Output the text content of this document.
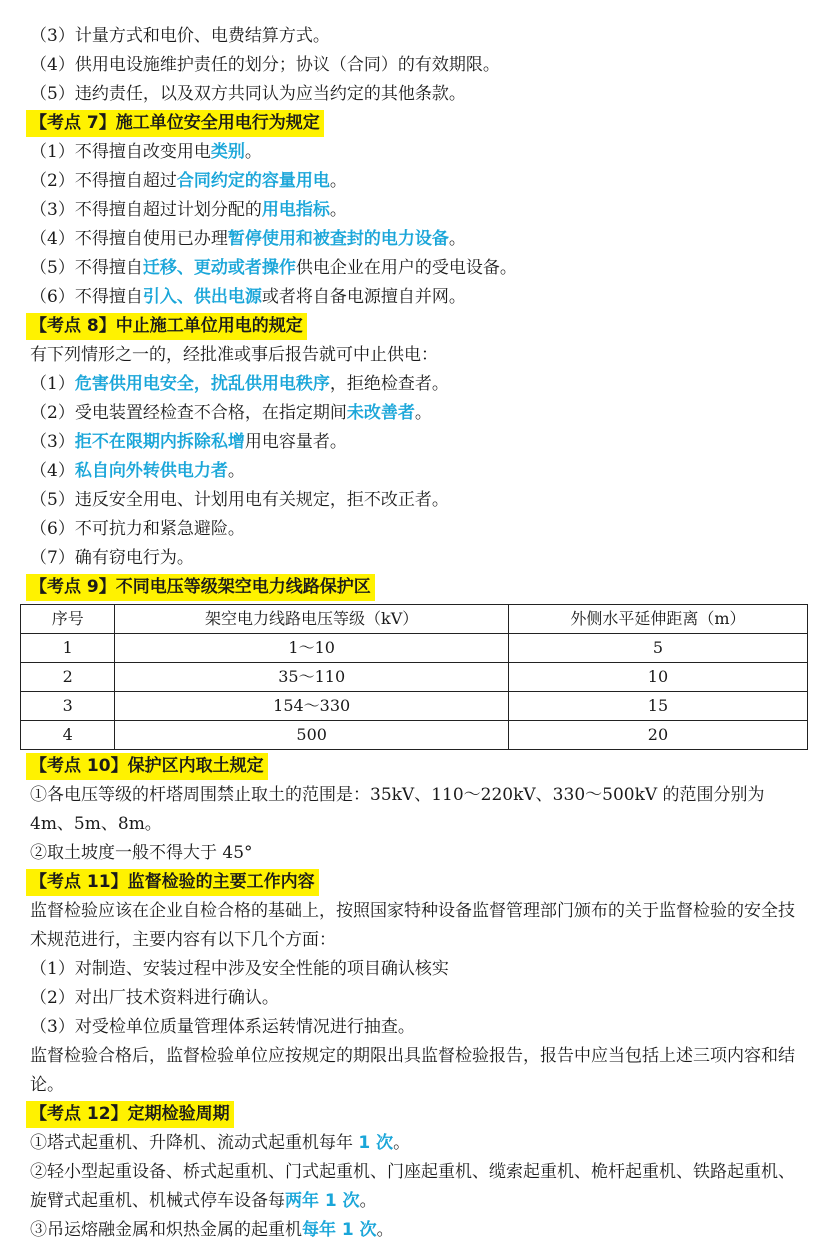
（3）计量方式和电价、电费结算方式。
（4）供用电设施维护责任的划分；协议（合同）的有效期限。
（5）违约责任，以及双方共同认为应当约定的其他条款。
【考点 7】施工单位安全用电行为规定
（1）不得擅自改变用电类别。
（2）不得擅自超过合同约定的容量用电。
（3）不得擅自超过计划分配的用电指标。
（4）不得擅自使用已办理暂停使用和被查封的电力设备。
（5）不得擅自迁移、更动或者操作供电企业在用户的受电设备。
（6）不得擅自引入、供出电源或者将自备电源擅自并网。
【考点 8】中止施工单位用电的规定
有下列情形之一的，经批准或事后报告就可中止供电：
（1）危害供用电安全，扰乱供用电秩序，拒绝检查者。
（2）受电装置经检查不合格，在指定期间未改善者。
（3）拒不在限期内拆除私增用电容量者。
（4）私自向外转供电力者。
（5）违反安全用电、计划用电有关规定，拒不改正者。
（6）不可抗力和紧急避险。
（7）确有窃电行为。
【考点 9】不同电压等级架空电力线路保护区
序号	架空电力线路电压等级（kV）	外侧水平延伸距离（m）
1	1～10	5
2	35～110	10
3	154～330	15
4	500	20
【考点 10】保护区内取土规定
①各电压等级的杆塔周围禁止取土的范围是：35kV、110～220kV、330～500kV 的范围分别为 4m、5m、8m。
②取土坡度一般不得大于 45°
【考点 11】监督检验的主要工作内容
监督检验应该在企业自检合格的基础上，按照国家特种设备监督管理部门颁布的关于监督检验的安全技术规范进行，主要内容有以下几个方面：
（1）对制造、安装过程中涉及安全性能的项目确认核实
（2）对出厂技术资料进行确认。
（3）对受检单位质量管理体系运转情况进行抽查。
监督检验合格后，监督检验单位应按规定的期限出具监督检验报告，报告中应当包括上述三项内容和结论。
【考点 12】定期检验周期
①塔式起重机、升降机、流动式起重机每年 1 次。
②轻小型起重设备、桥式起重机、门式起重机、门座起重机、缆索起重机、桅杆起重机、铁路起重机、旋臂式起重机、机械式停车设备每两年 1 次。
③吊运熔融金属和炽热金属的起重机每年 1 次。
